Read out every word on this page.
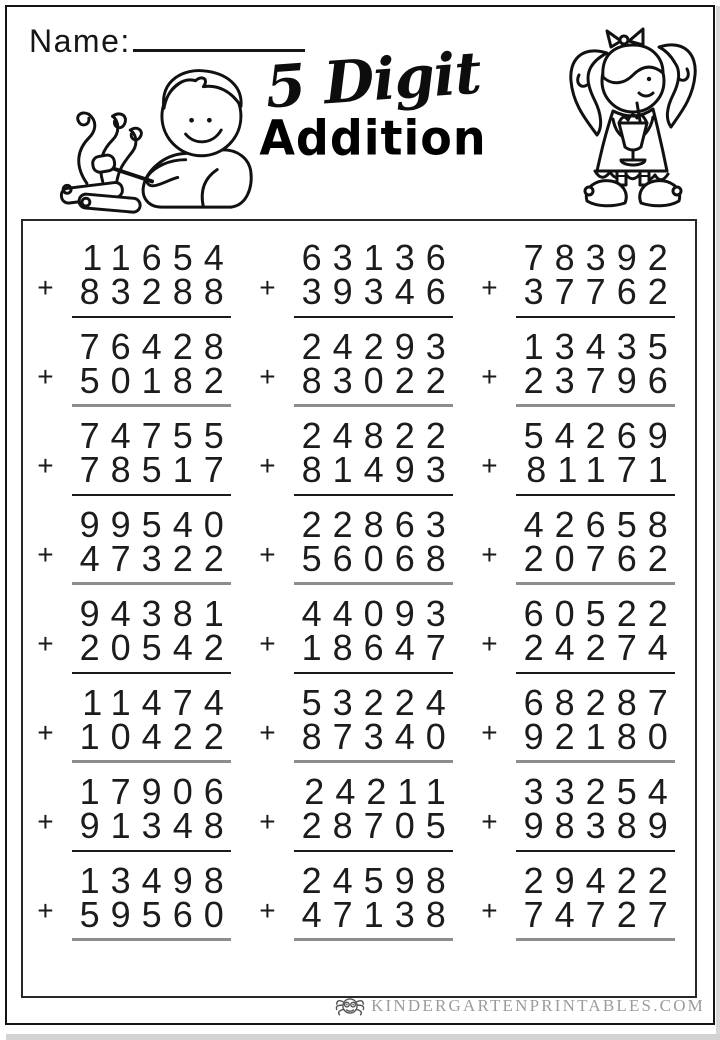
Name:	5 Digit
Addition
+
11654
83288 +
63136
39346 +
78392
37762
+
76428
50182 +
24293
83022 +
13435
23796
+
74755
78517 +
24822
81493 +
54269
81171
+
99540
47322 +
22863
56068 +
42658
20762
+
94381
20542 +
44093
18647 +
60522
24274
+
11474
10422 +
53224
87340 +
68287
92180
+
17906
91348 +
24211
28705 +
33254
98389
+
13498
59560 +
24598
47138 +
29422
74727
KINDERGARTENPRINTABLES.COM
